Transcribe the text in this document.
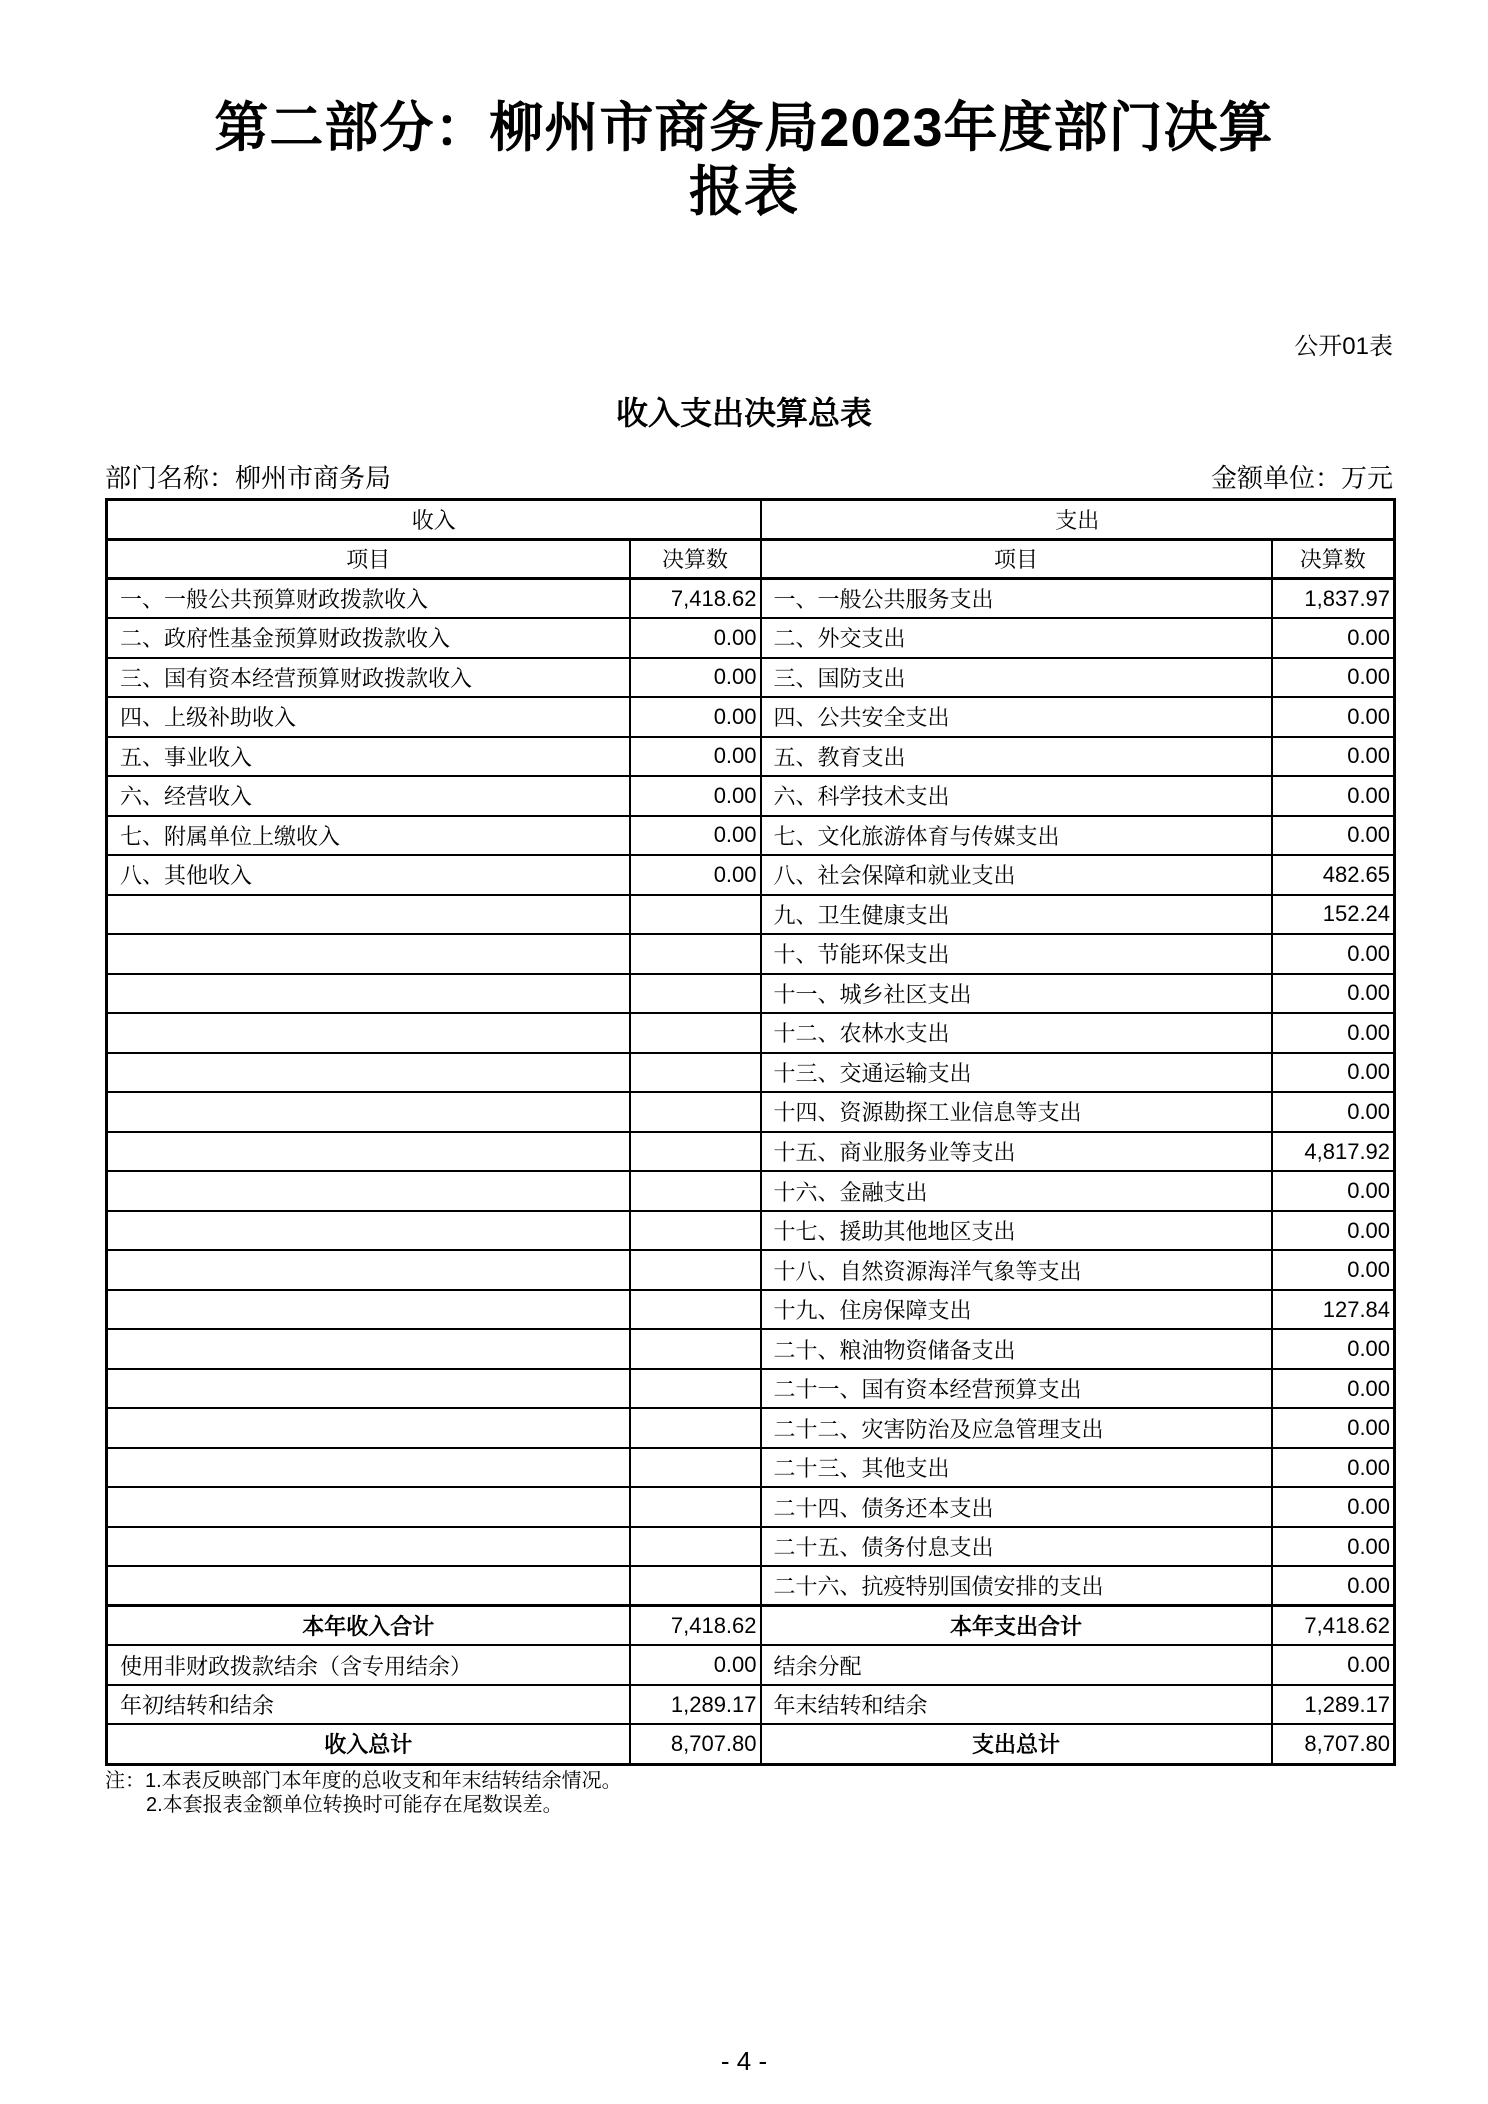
第二部分：柳州市商务局2023年度部门决算
报表
公开01表
收入支出决算总表
部门名称：柳州市商务局	金额单位：万元
收入		支出	
项目	决算数	项目	决算数
一、一般公共预算财政拨款收入	7,418.62	一、一般公共服务支出	1,837.97
二、政府性基金预算财政拨款收入	0.00	二、外交支出	0.00
三、国有资本经营预算财政拨款收入	0.00	三、国防支出	0.00
四、上级补助收入	0.00	四、公共安全支出	0.00
五、事业收入	0.00	五、教育支出	0.00
六、经营收入	0.00	六、科学技术支出	0.00
七、附属单位上缴收入	0.00	七、文化旅游体育与传媒支出	0.00
八、其他收入	0.00	八、社会保障和就业支出	482.65
		九、卫生健康支出	152.24
		十、节能环保支出	0.00
		十一、城乡社区支出	0.00
		十二、农林水支出	0.00
		十三、交通运输支出	0.00
		十四、资源勘探工业信息等支出	0.00
		十五、商业服务业等支出	4,817.92
		十六、金融支出	0.00
		十七、援助其他地区支出	0.00
		十八、自然资源海洋气象等支出	0.00
		十九、住房保障支出	127.84
		二十、粮油物资储备支出	0.00
		二十一、国有资本经营预算支出	0.00
		二十二、灾害防治及应急管理支出	0.00
		二十三、其他支出	0.00
		二十四、债务还本支出	0.00
		二十五、债务付息支出	0.00
		二十六、抗疫特别国债安排的支出	0.00
本年收入合计	7,418.62	本年支出合计	7,418.62
使用非财政拨款结余（含专用结余）	0.00	结余分配	0.00
年初结转和结余	1,289.17	年末结转和结余	1,289.17
收入总计	8,707.80	支出总计	8,707.80
注：1.本表反映部门本年度的总收支和年末结转结余情况。
2.本套报表金额单位转换时可能存在尾数误差。
- 4 -
